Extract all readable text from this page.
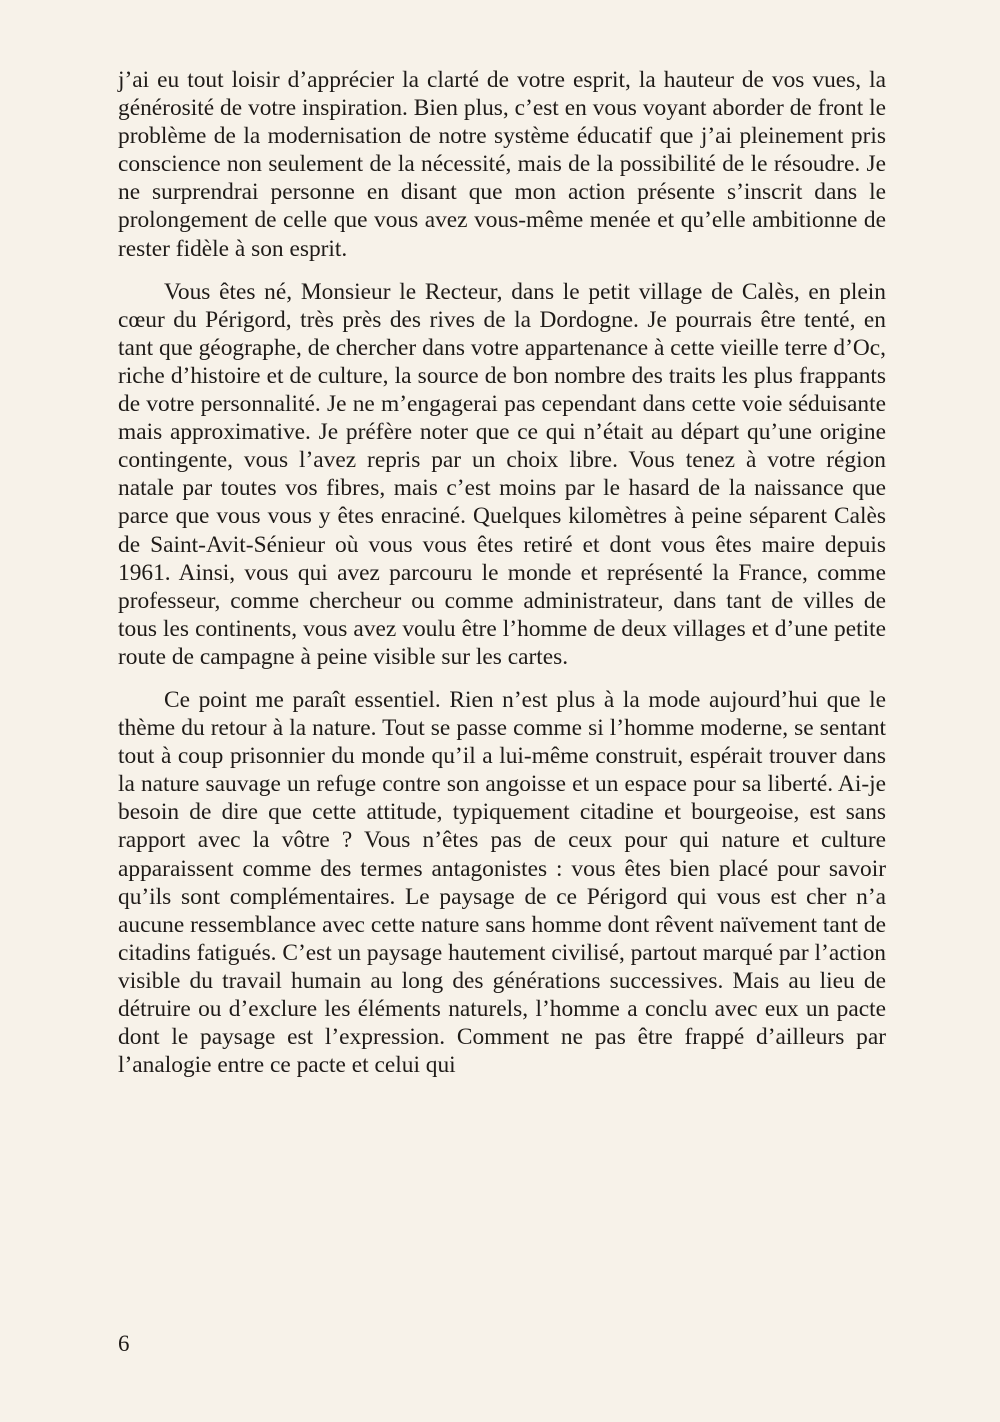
j’ai eu tout loisir d’apprécier la clarté de votre esprit, la hauteur de vos vues, la générosité de votre inspiration. Bien plus, c’est en vous voyant aborder de front le problème de la modernisation de notre système éducatif que j’ai pleinement pris conscience non seulement de la nécessité, mais de la possibilité de le résoudre. Je ne surprendrai personne en disant que mon action présente s’inscrit dans le prolongement de celle que vous avez vous-même menée et qu’elle ambitionne de rester fidèle à son esprit.

Vous êtes né, Monsieur le Recteur, dans le petit village de Calès, en plein cœur du Périgord, très près des rives de la Dordogne. Je pourrais être tenté, en tant que géographe, de chercher dans votre appartenance à cette vieille terre d’Oc, riche d’histoire et de culture, la source de bon nombre des traits les plus frappants de votre personnalité. Je ne m’engagerai pas cependant dans cette voie séduisante mais approximative. Je préfère noter que ce qui n’était au départ qu’une origine contingente, vous l’avez repris par un choix libre. Vous tenez à votre région natale par toutes vos fibres, mais c’est moins par le hasard de la naissance que parce que vous vous y êtes enraciné. Quelques kilomètres à peine séparent Calès de Saint-Avit-Sénieur où vous vous êtes retiré et dont vous êtes maire depuis 1961. Ainsi, vous qui avez parcouru le monde et représenté la France, comme professeur, comme chercheur ou comme administrateur, dans tant de villes de tous les continents, vous avez voulu être l’homme de deux villages et d’une petite route de campagne à peine visible sur les cartes.

Ce point me paraît essentiel. Rien n’est plus à la mode aujourd’hui que le thème du retour à la nature. Tout se passe comme si l’homme moderne, se sentant tout à coup prisonnier du monde qu’il a lui-même construit, espérait trouver dans la nature sauvage un refuge contre son angoisse et un espace pour sa liberté. Ai-je besoin de dire que cette attitude, typiquement citadine et bourgeoise, est sans rapport avec la vôtre ? Vous n’êtes pas de ceux pour qui nature et culture apparaissent comme des termes antagonistes : vous êtes bien placé pour savoir qu’ils sont complémentaires. Le paysage de ce Périgord qui vous est cher n’a aucune ressemblance avec cette nature sans homme dont rêvent naïvement tant de citadins fatigués. C’est un paysage hautement civilisé, partout marqué par l’action visible du travail humain au long des générations successives. Mais au lieu de détruire ou d’exclure les éléments naturels, l’homme a conclu avec eux un pacte dont le paysage est l’expression. Comment ne pas être frappé d’ailleurs par l’analogie entre ce pacte et celui qui

6
